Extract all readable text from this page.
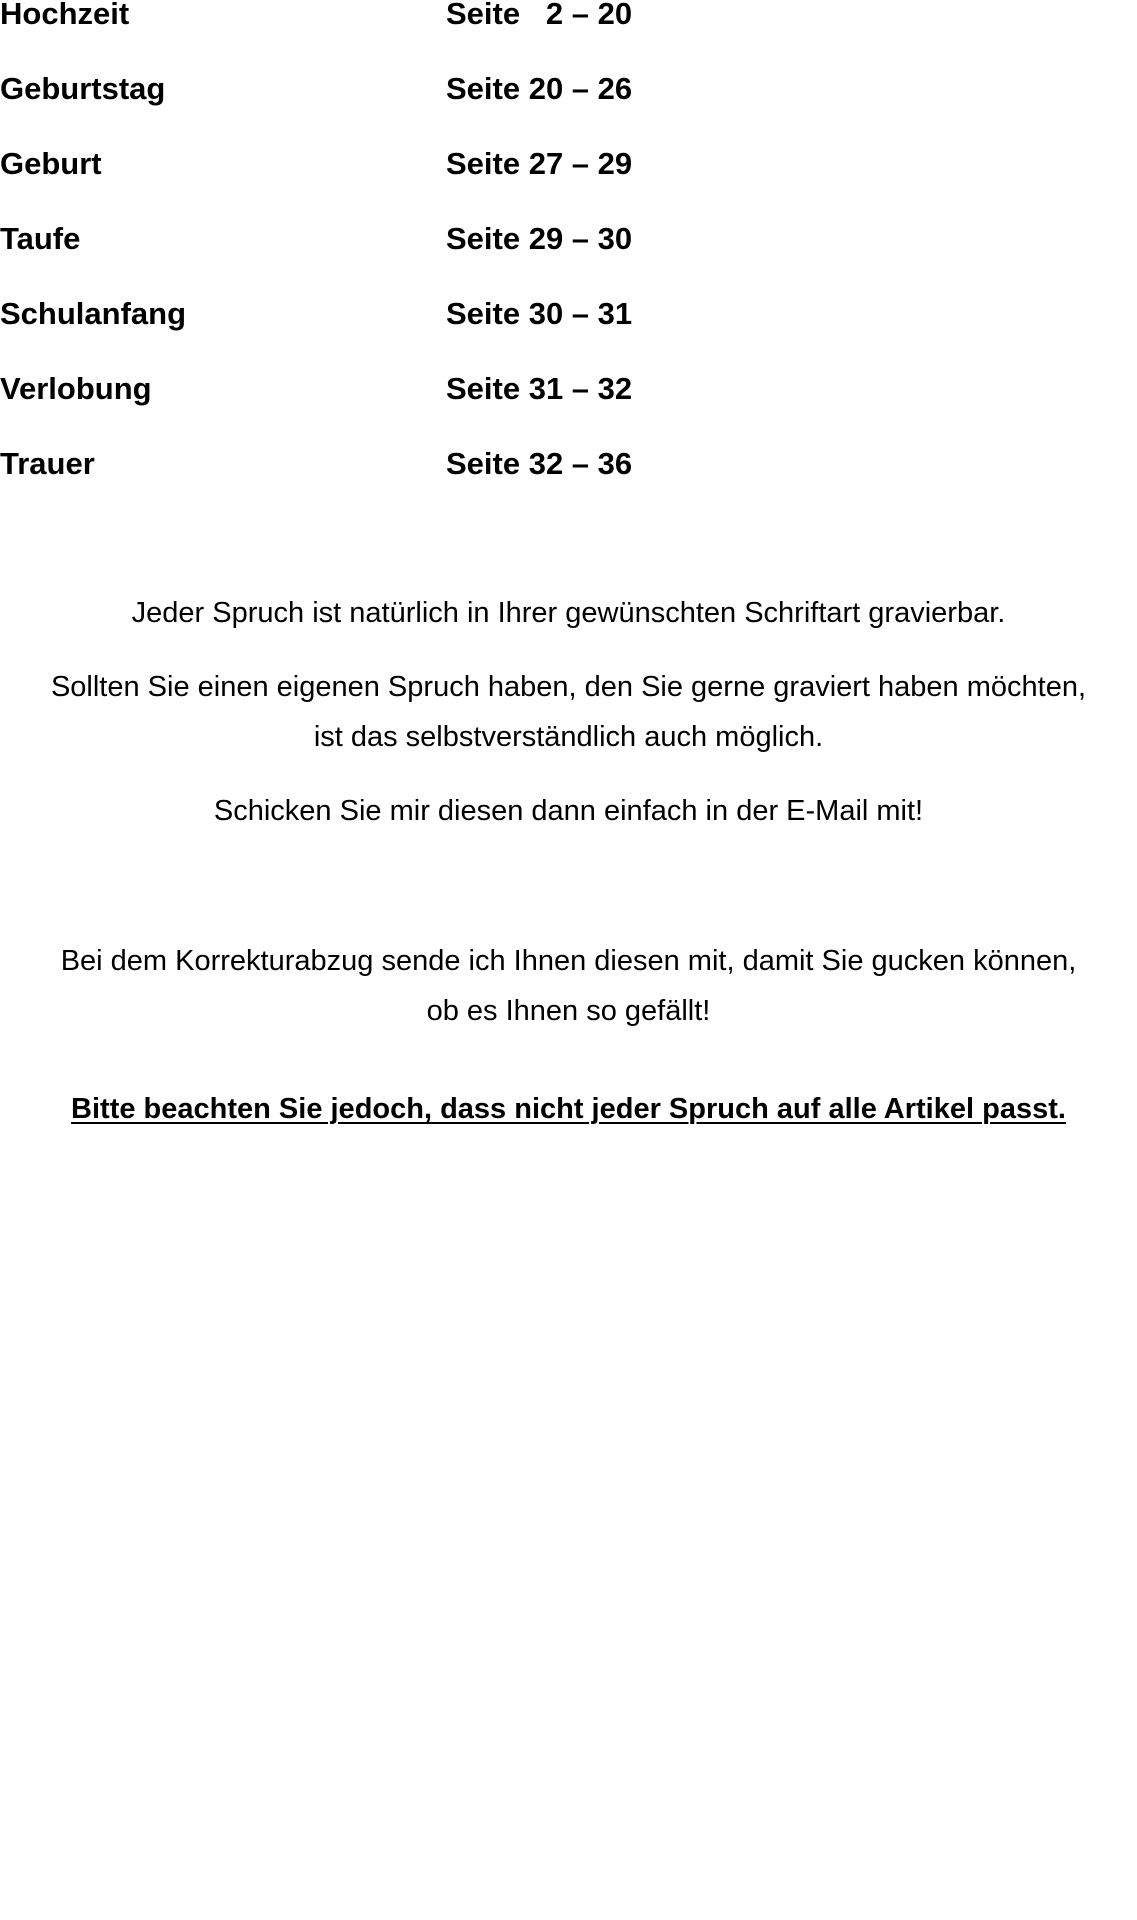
Hochzeit	Seite   2 – 20
Geburtstag	Seite 20 – 26
Geburt	Seite 27 – 29
Taufe	Seite 29 – 30
Schulanfang	Seite 30 – 31
Verlobung	Seite 31 – 32
Trauer	Seite 32 – 36

Jeder Spruch ist natürlich in Ihrer gewünschten Schriftart gravierbar.

Sollten Sie einen eigenen Spruch haben, den Sie gerne graviert haben möchten,

ist das selbstverständlich auch möglich.

Schicken Sie mir diesen dann einfach in der E-Mail mit!

Bei dem Korrekturabzug sende ich Ihnen diesen mit, damit Sie gucken können,

ob es Ihnen so gefällt!

Bitte beachten Sie jedoch, dass nicht jeder Spruch auf alle Artikel passt.
